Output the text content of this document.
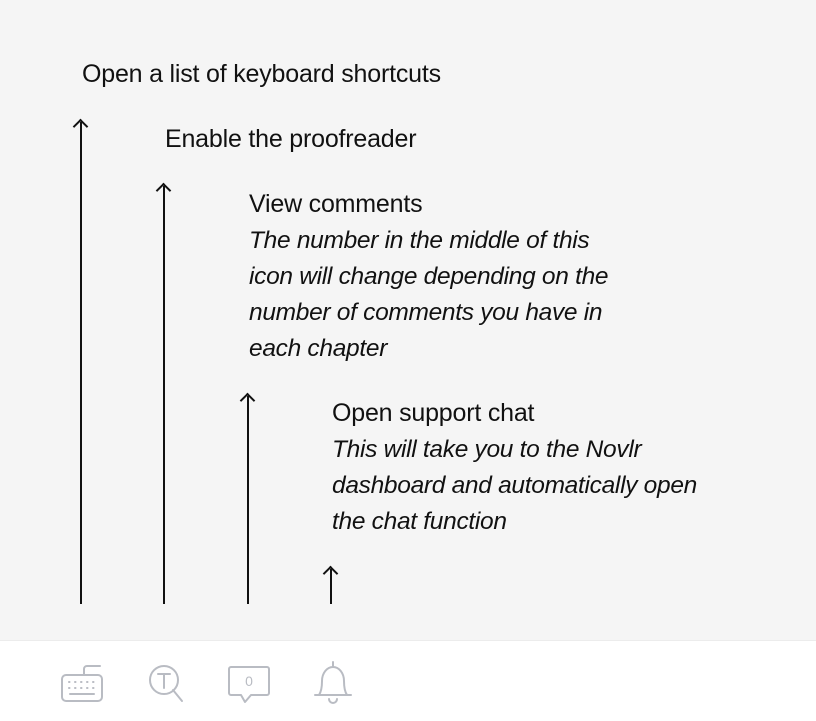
Open a list of keyboard shortcuts
Enable the proofreader
View comments
The number in the middle of this
icon will change depending on the
number of comments you have in
each chapter
Open support chat
This will take you to the Novlr
dashboard and automatically open
the chat function
0
